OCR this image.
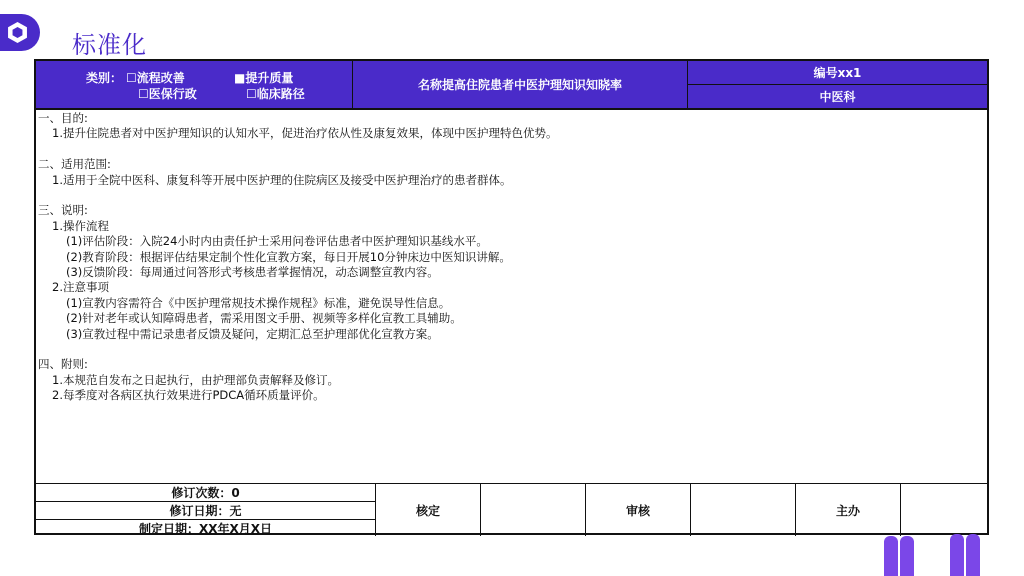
标准化
类别： ☐流程改善	■提升质量
☐医保行政	☐临床路径
名称提高住院患者中医护理知识知晓率
编号xx1
中医科
一、目的:
1.提升住院患者对中医护理知识的认知水平，促进治疗依从性及康复效果，体现中医护理特色优势。
二、适用范围:
1.适用于全院中医科、康复科等开展中医护理的住院病区及接受中医护理治疗的患者群体。
三、说明:
1.操作流程
(1)评估阶段：入院24小时内由责任护士采用问卷评估患者中医护理知识基线水平。
(2)教育阶段：根据评估结果定制个性化宣教方案，每日开展10分钟床边中医知识讲解。
(3)反馈阶段：每周通过问答形式考核患者掌握情况，动态调整宣教内容。
2.注意事项
(1)宣教内容需符合《中医护理常规技术操作规程》标准，避免误导性信息。
(2)针对老年或认知障碍患者，需采用图文手册、视频等多样化宣教工具辅助。
(3)宣教过程中需记录患者反馈及疑问，定期汇总至护理部优化宣教方案。
四、附则:
1.本规范自发布之日起执行，由护理部负责解释及修订。
2.每季度对各病区执行效果进行PDCA循环质量评价。
修订次数：0
修订日期：无
制定日期：XX年X月X日
核定	审核	主办
